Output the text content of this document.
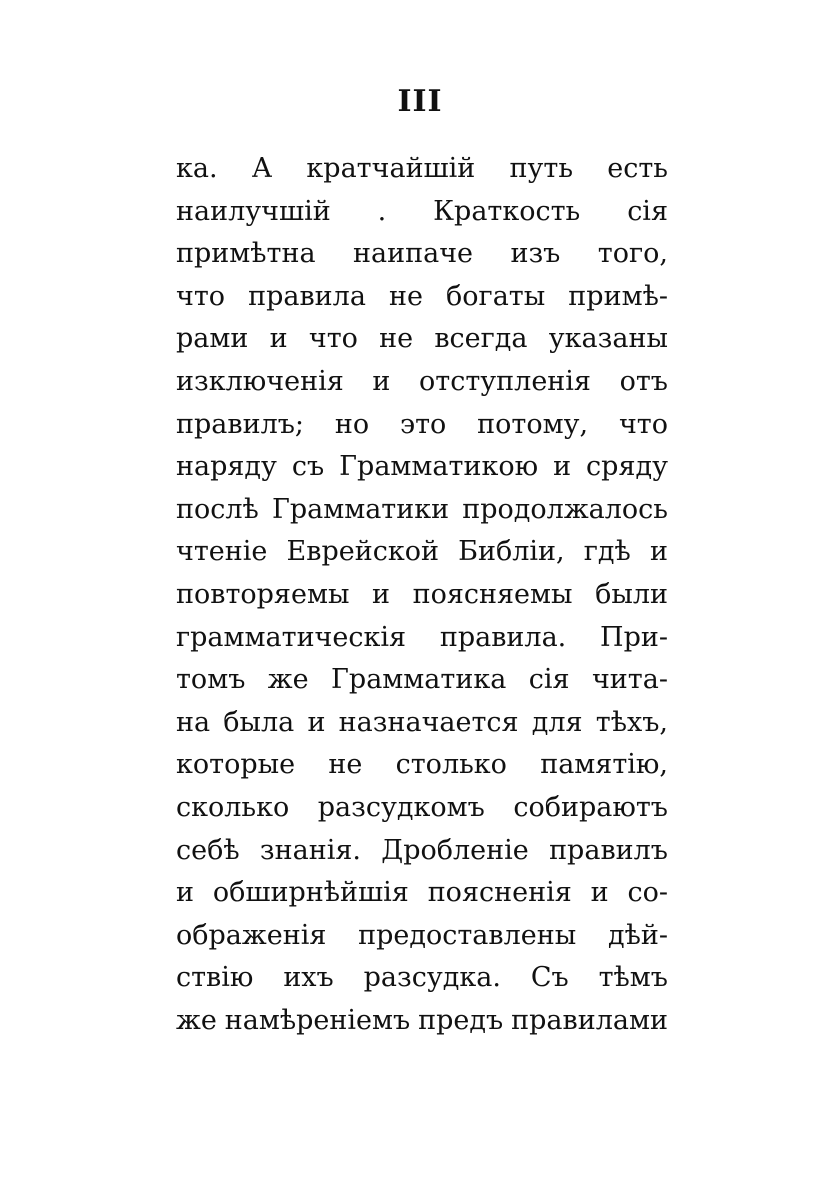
III
ка. А кратчайшій путь есть
наилучшій . Краткость сія
примѣтна наипаче изъ того,
что правила не богаты примѣ-
рами и что не всегда указаны
изключенія и отступленія отъ
правилъ; но это потому, что
наряду съ Грамматикою и сряду
послѣ Грамматики продолжалось
чтеніе Еврейской Библіи, гдѣ и
повторяемы и поясняемы были
грамматическія правила. При-
томъ же Грамматика сія чита-
на была и назначается для тѣхъ,
которые не столько памятію,
сколько разсудкомъ собираютъ
себѣ знанія. Дробленіе правилъ
и обширнѣйшія поясненія и со-
ображенія предоставлены дѣй-
ствію ихъ разсудка. Съ тѣмъ
же намѣреніемъ предъ правилами
